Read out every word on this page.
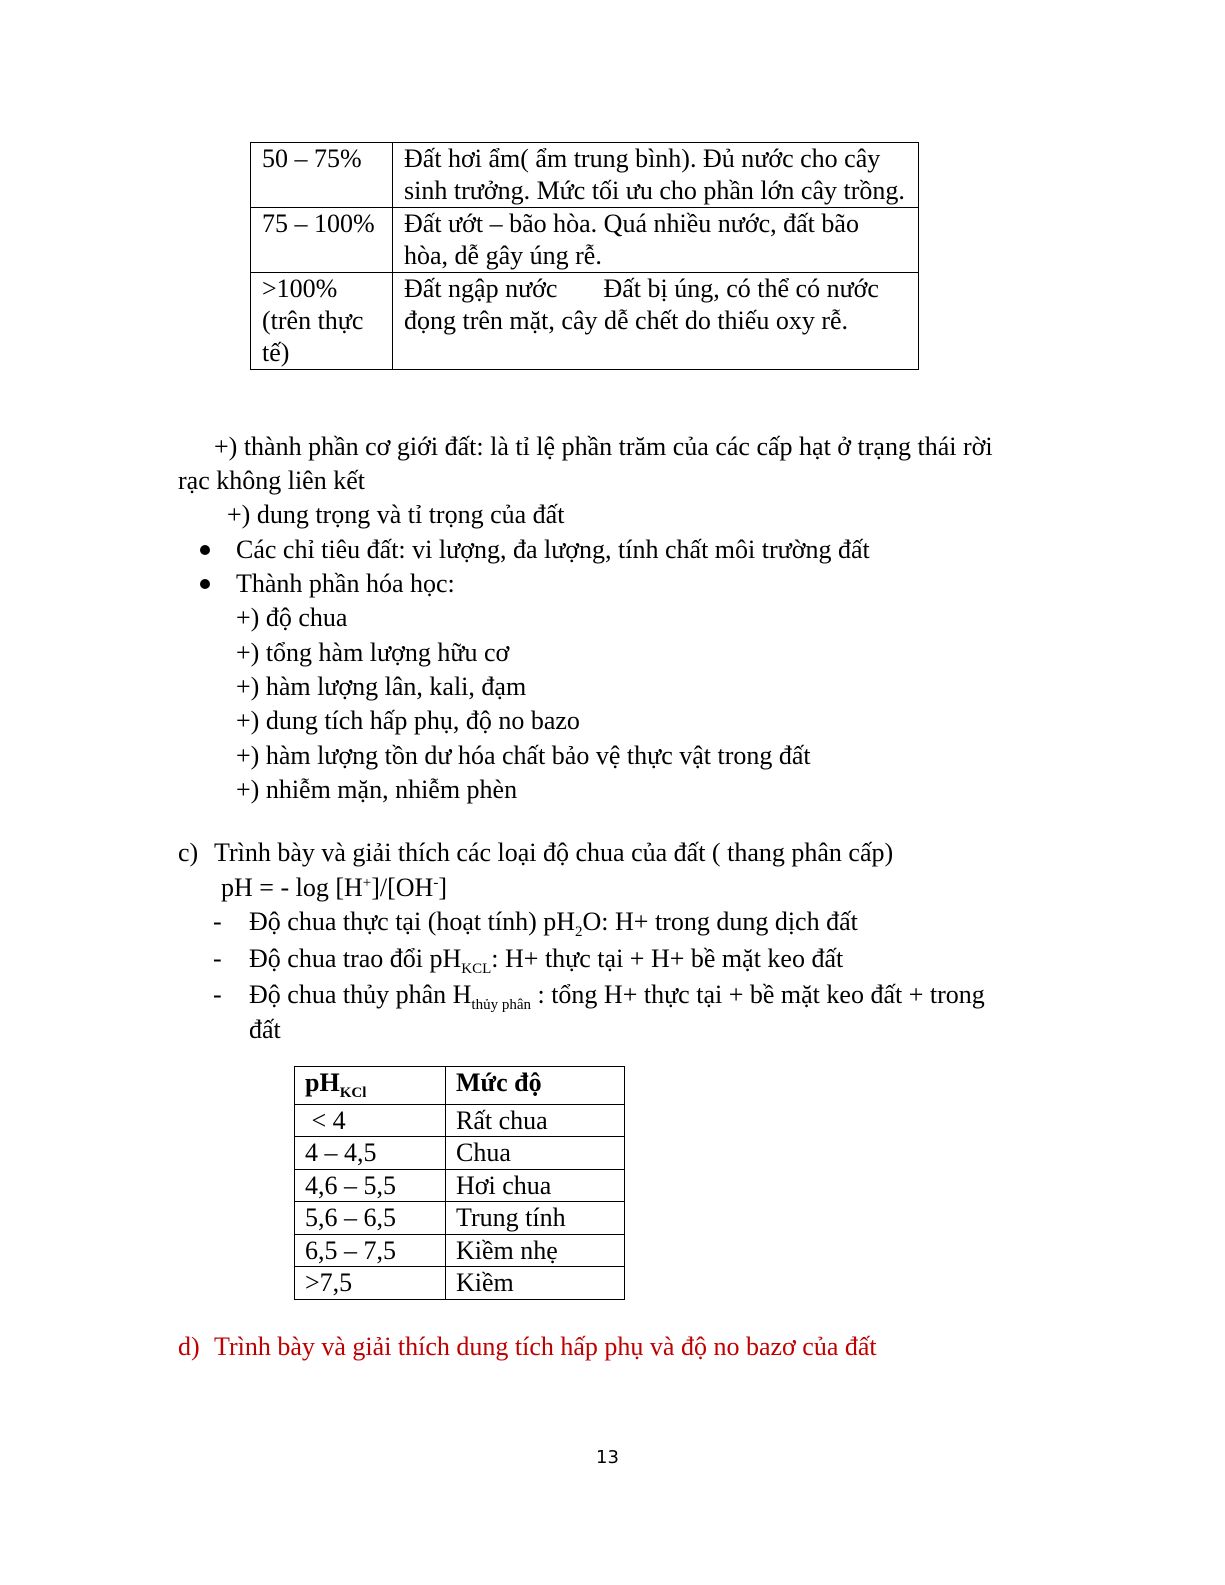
50 – 75%	Đất hơi ẩm( ẩm trung bình). Đủ nước cho cây sinh trưởng. Mức tối ưu cho phần lớn cây trồng.
75 – 100%	Đất ướt – bão hòa. Quá nhiều nước, đất bão hòa, dễ gây úng rễ.
>100% (trên thực tế)	Đất ngập nước Đất bị úng, có thể có nước đọng trên mặt, cây dễ chết do thiếu oxy rễ.
+) thành phần cơ giới đất: là tỉ lệ phần trăm của các cấp hạt ở trạng thái rời
rạc không liên kết
+) dung trọng và tỉ trọng của đất
Các chỉ tiêu đất: vi lượng, đa lượng, tính chất môi trường đất
Thành phần hóa học:
+) độ chua
+) tổng hàm lượng hữu cơ
+) hàm lượng lân, kali, đạm
+) dung tích hấp phụ, độ no bazo
+) hàm lượng tồn dư hóa chất bảo vệ thực vật trong đất
+) nhiễm mặn, nhiễm phèn
c) Trình bày và giải thích các loại độ chua của đất ( thang phân cấp)
pH = - log [H+]/[OH-]
- Độ chua thực tại (hoạt tính) $pH_2O$: H+ trong dung dịch đất
- Độ chua trao đổi $pH_{KCL}$: H+ thực tại + H+ bề mặt keo đất
- Độ chua thủy phân $H_{thủy phân}$ : tổng H+ thực tại + bề mặt keo đất + trong
đất
$pH_{KCl}$	Mức độ
< 4	Rất chua
4 – 4,5	Chua
4,6 – 5,5	Hơi chua
5,6 – 6,5	Trung tính
6,5 – 7,5	Kiềm nhẹ
>7,5	Kiềm
d) Trình bày và giải thích dung tích hấp phụ và độ no bazơ của đất
13
